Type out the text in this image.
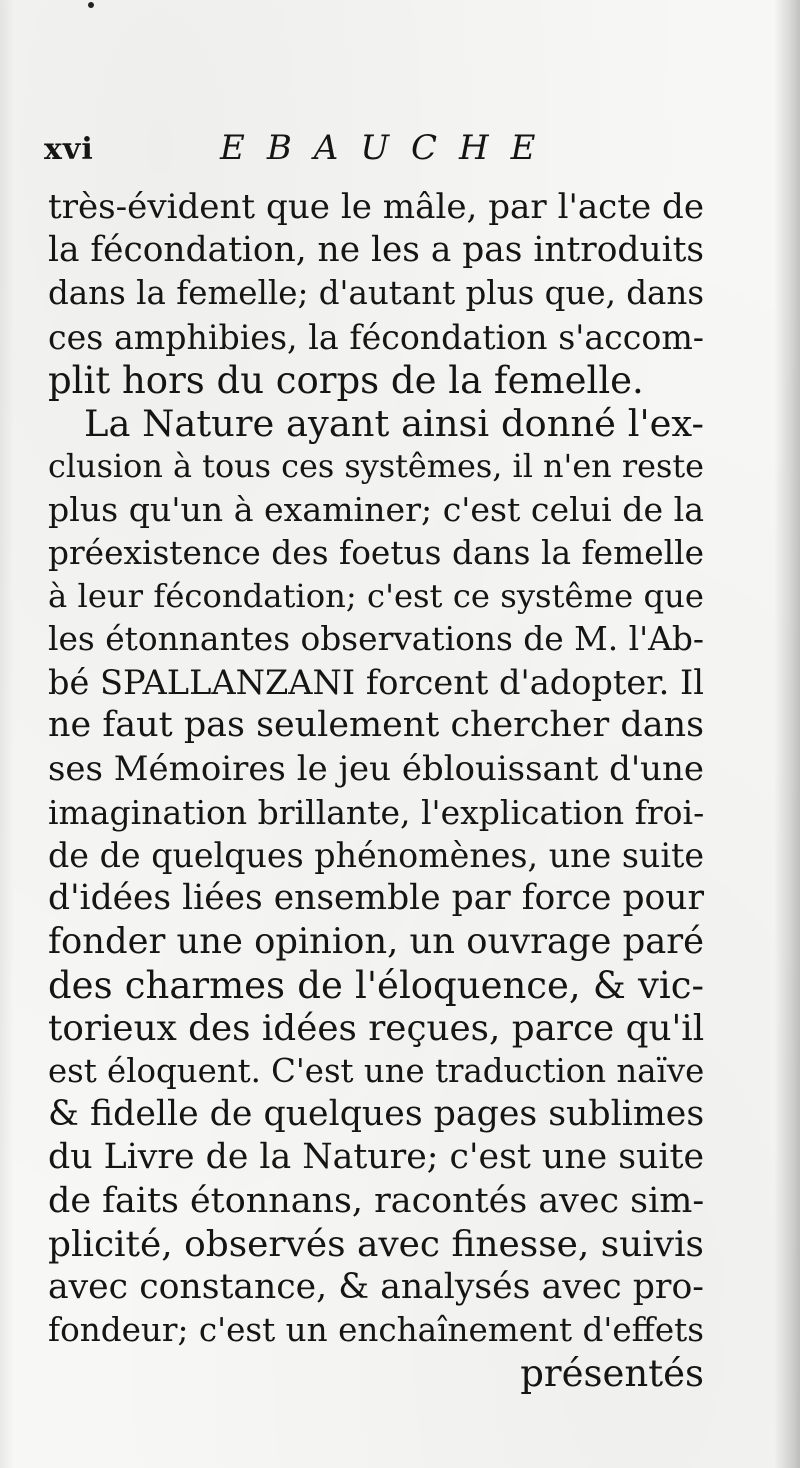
xvi	EBAUCHE
très-évident que le mâle, par l'acte de
la fécondation, ne les a pas introduits
dans la femelle; d'autant plus que, dans
ces amphibies, la fécondation s'accom-
plit hors du corps de la femelle.
La Nature ayant ainsi donné l'ex-
clusion à tous ces systêmes, il n'en reste
plus qu'un à examiner; c'est celui de la
préexistence des foetus dans la femelle
à leur fécondation; c'est ce systême que
les étonnantes observations de M. l'Ab-
bé SPALLANZANI forcent d'adopter. Il
ne faut pas seulement chercher dans
ses Mémoires le jeu éblouissant d'une
imagination brillante, l'explication froi-
de de quelques phénomènes, une suite
d'idées liées ensemble par force pour
fonder une opinion, un ouvrage paré
des charmes de l'éloquence, & vic-
torieux des idées reçues, parce qu'il
est éloquent. C'est une traduction naïve
& fidelle de quelques pages sublimes
du Livre de la Nature; c'est une suite
de faits étonnans, racontés avec sim-
plicité, observés avec finesse, suivis
avec constance, & analysés avec pro-
fondeur; c'est un enchaînement d'effets
présentés
